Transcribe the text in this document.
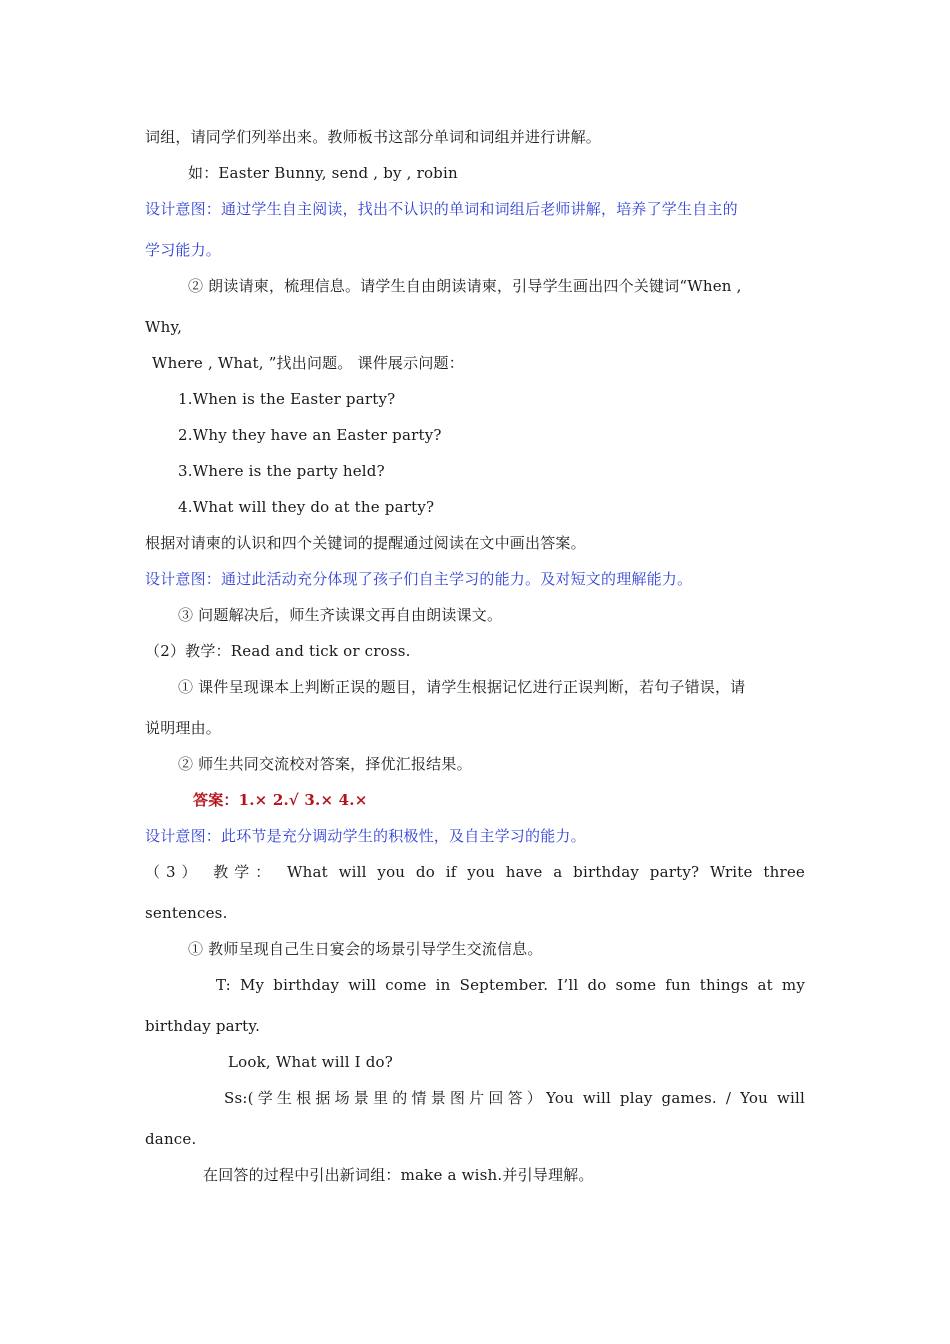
词组，请同学们列举出来。教师板书这部分单词和词组并进行讲解。
如：Easter Bunny, send , by , robin
设计意图：通过学生自主阅读，找出不认识的单词和词组后老师讲解，培养了学生自主的
学习能力。
② 朗读请柬，梳理信息。请学生自由朗读请柬，引导学生画出四个关键词“When ,
Why,
Where , What, ”找出问题。 课件展示问题：
1.When is the Easter party?
2.Why they have an Easter party?
3.Where is the party held?
4.What will they do at the party?
根据对请柬的认识和四个关键词的提醒通过阅读在文中画出答案。
设计意图：通过此活动充分体现了孩子们自主学习的能力。及对短文的理解能力。
③ 问题解决后，师生齐读课文再自由朗读课文。
（2）教学：Read and tick or cross.
① 课件呈现课本上判断正误的题目，请学生根据记忆进行正误判断，若句子错误，请
说明理由。
② 师生共同交流校对答案，择优汇报结果。
答案：1.× 2.√ 3.× 4.×
设计意图：此环节是充分调动学生的积极性，及自主学习的能力。
（3） 教学： What will you do if you have a birthday party? Write three
sentences.
① 教师呈现自己生日宴会的场景引导学生交流信息。
T: My birthday will come in September. I’ll do some fun things at my
birthday party.
Look, What will I do?
Ss:(学生根据场景里的情景图片回答）You will play games. / You will
dance.
在回答的过程中引出新词组：make a wish.并引导理解。
